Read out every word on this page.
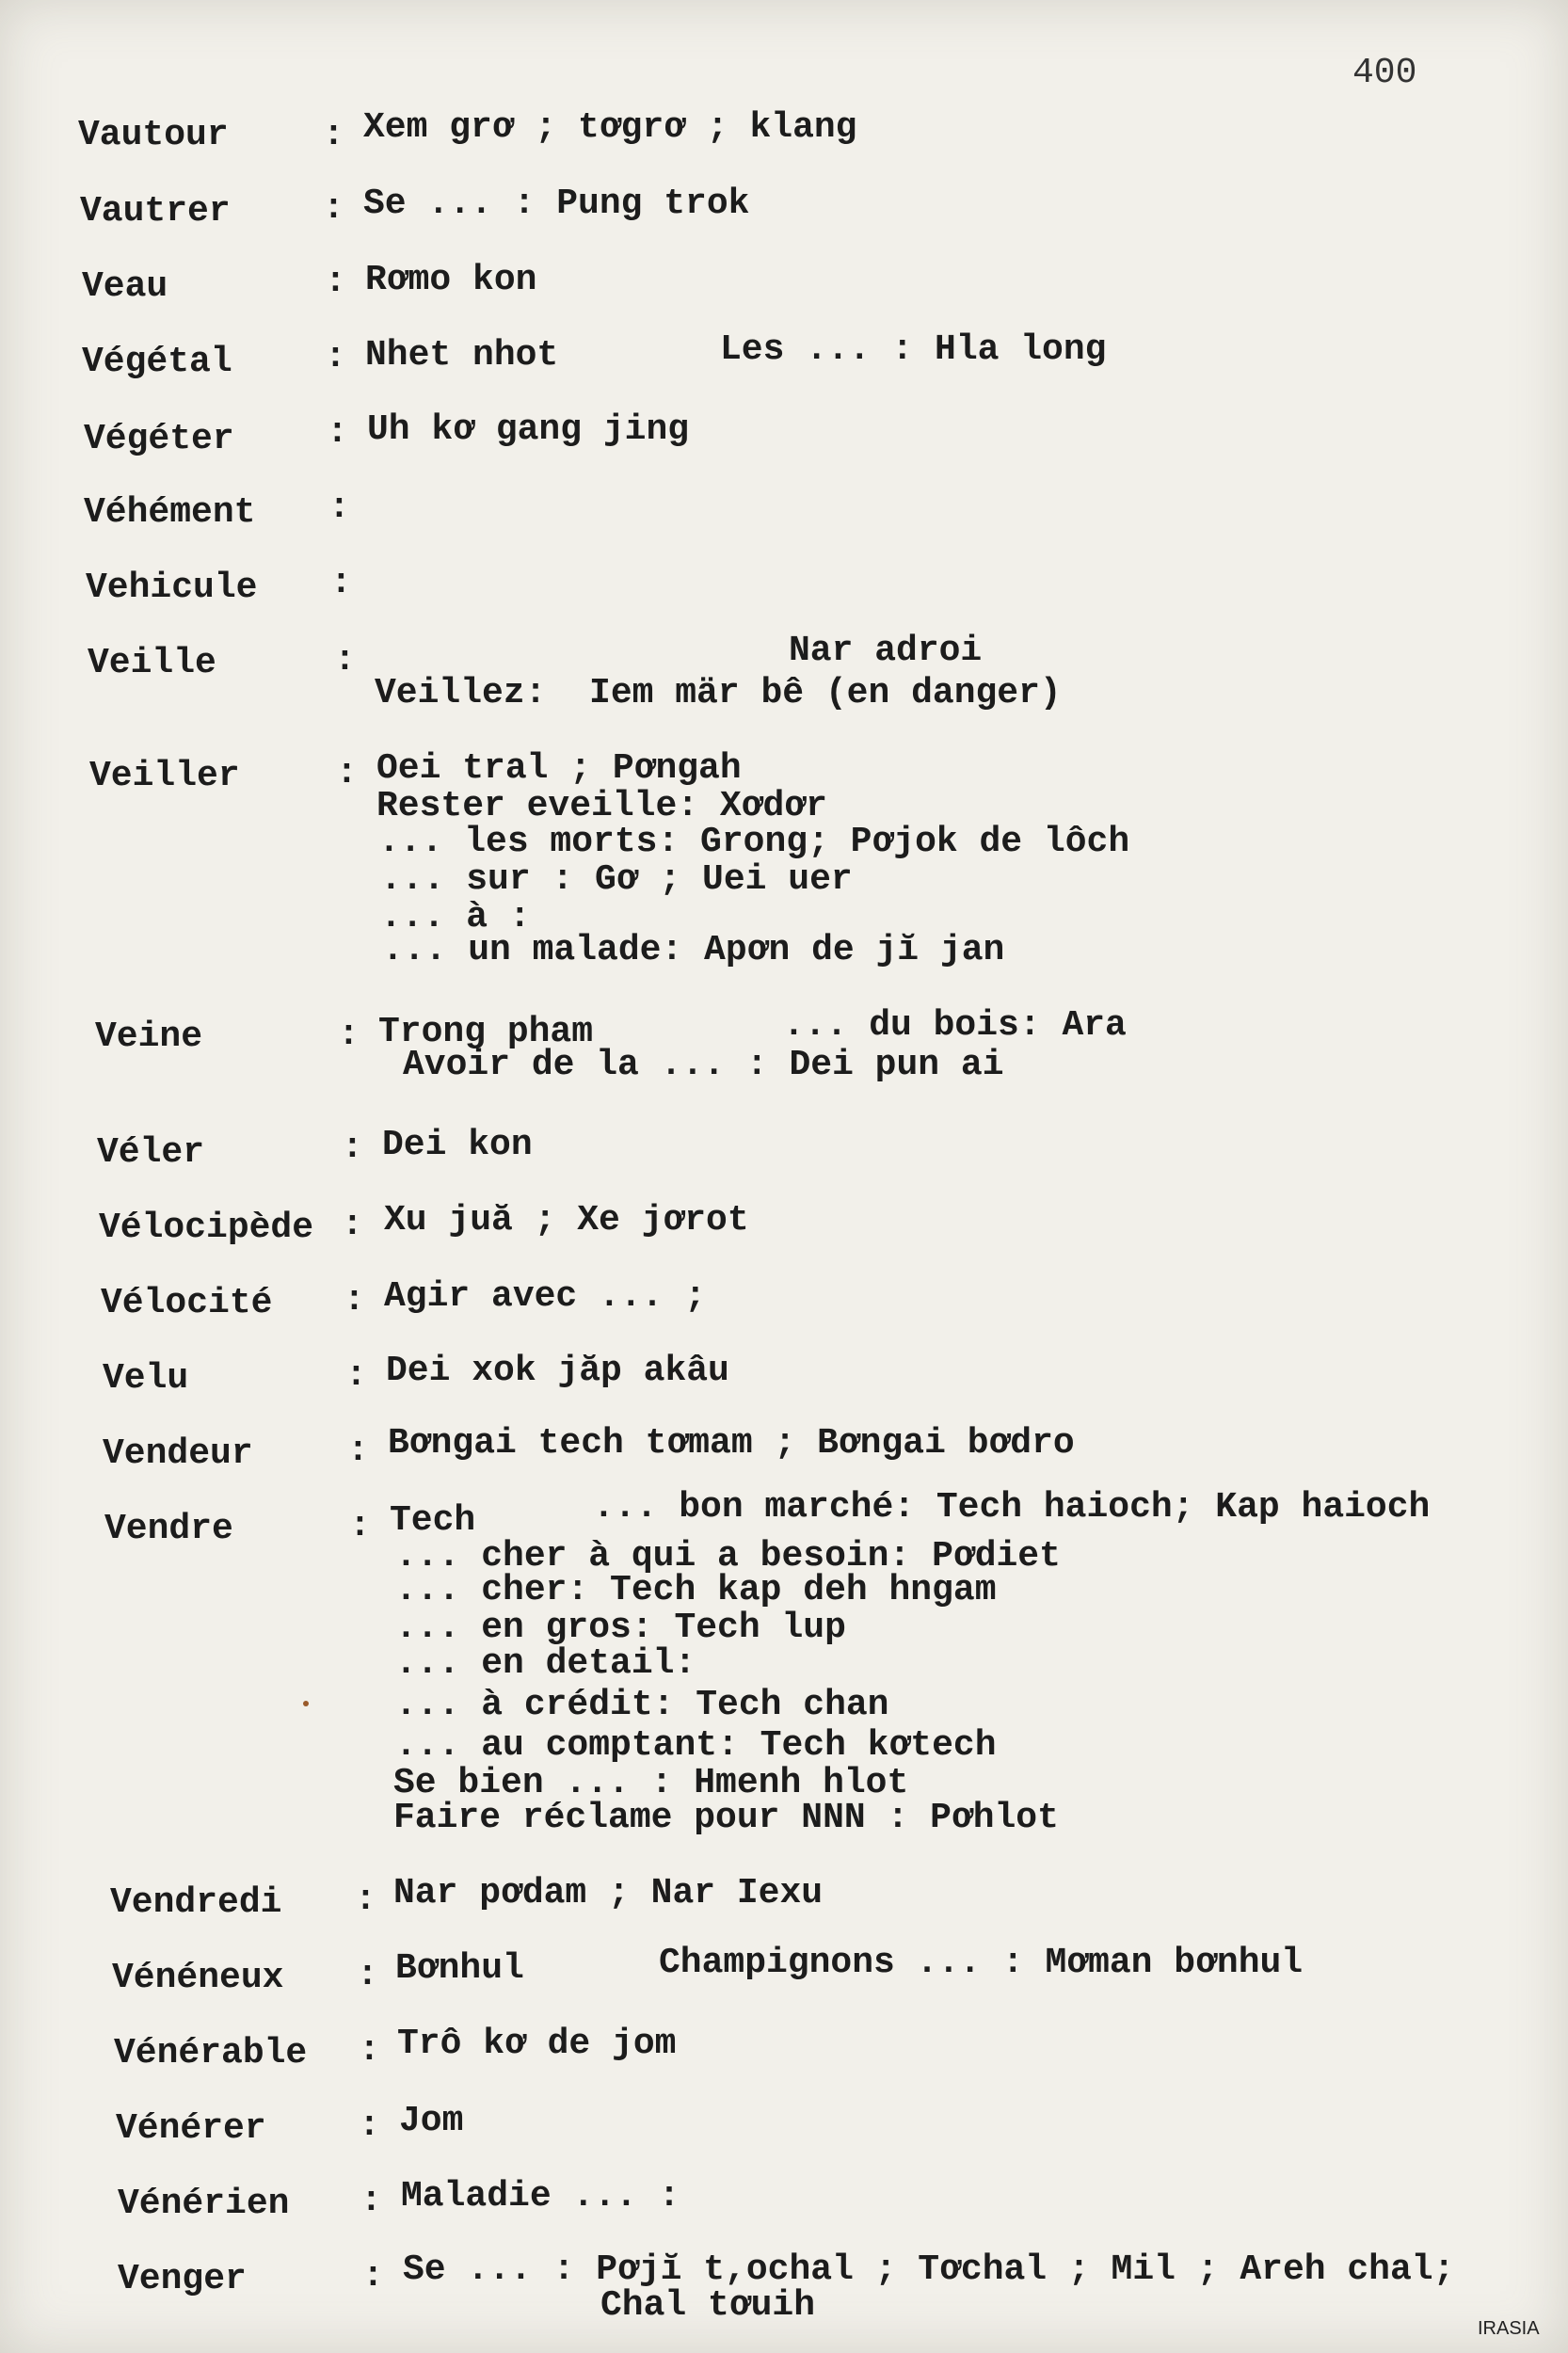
400
Vautour	: Xem grơ ; tơgrơ ; klang
Vautrer	: Se ... : Pung trok
Veau	: Rơmo kon
Végétal	: Nhet nhot	Les ... : Hla long
Végéter	: Uh kơ gang jing
Véhément :
Vehicule :
Veille	:	Nar adroi
Veillez:  Iem mär bê (en danger)
Veiller	: Oei tral ; Pơngah
Rester eveille: Xơdơr
... les morts: Grong; Pơjok de lôch
... sur : Gơ ; Uei uer
... à :
... un malade: Apơn de jĭ jan
Veine	: Trong pham	... du bois: Ara
Avoir de la ... : Dei pun ai
Véler	: Dei kon
Vélocipède : Xu juă ; Xe jơrot
Vélocité : Agir avec ... ;
Velu	: Dei xok jăp akâu
Vendeur	: Bơngai tech tơmam ; Bơngai bơdro
Vendre	: Tech	... bon marché: Tech haioch; Kap haioch
... cher à qui a besoin: Pơdiet
... cher: Tech kap deh hngam
... en gros: Tech lup
... en detail:
... à crédit: Tech chan
... au comptant: Tech kơtech
Se bien ... : Hmenh hlot
Faire réclame pour NNN : Pơhlot
Vendredi : Nar pơdam ; Nar Iexu
Vénéneux : Bơnhul	Champignons ... : Mơman bơnhul
Vénérable : Trô kơ de jom
Vénérer	: Jom
Vénérien : Maladie ... :
Venger	: Se ... : Pơjĭ t,ochal ; Tơchal ; Mil ; Areh chal;
Chal tơuih
IRASIA
